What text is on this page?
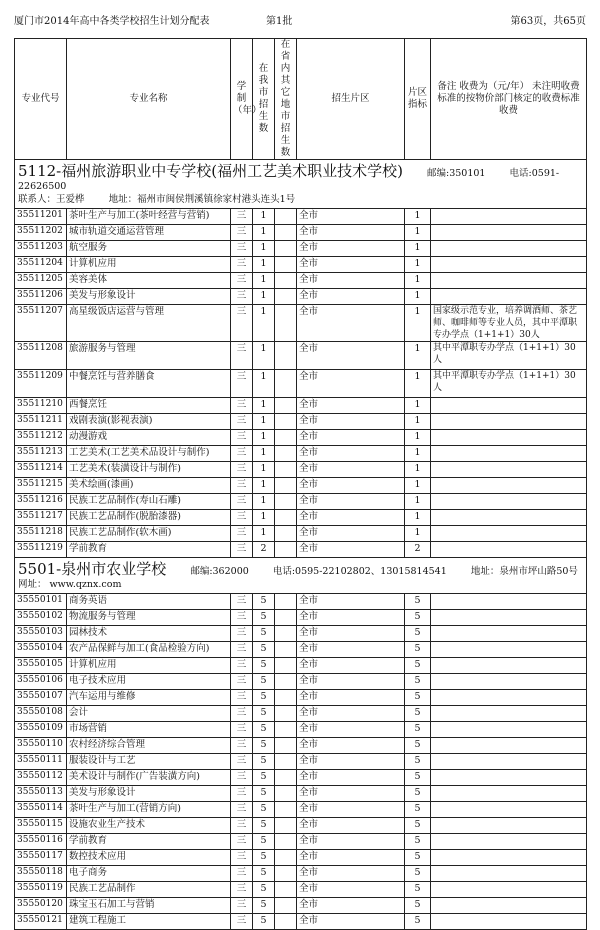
厦门市2014年高中各类学校招生计划分配表	第1批	第63页，共65页
专业代号	专业名称	学制（年）	在我市招生数	在省内其它地市招生数	招生片区	片区指标	备注 收费为（元/年） 未注明收费标准的按物价部门核定的收费标准收费
5112-福州旅游职业中专学校(福州工艺美术职业技术学校) 邮编:350101 电话:0591-22626500
联系人：王爱桦 地址：福州市闽侯荆溪镇徐家村港头连头1号							
35511201	茶叶生产与加工(茶叶经营与营销)	三	1		全市	1	
35511202	城市轨道交通运营管理	三	1		全市	1	
35511203	航空服务	三	1		全市	1	
35511204	计算机应用	三	1		全市	1	
35511205	美容美体	三	1		全市	1	
35511206	美发与形象设计	三	1		全市	1	
35511207	高星级饭店运营与管理	三	1		全市	1	国家级示范专业，培养调酒师、茶艺师、咖啡师等专业人员，其中平潭职专办学点（1+1+1）30人
35511208	旅游服务与管理	三	1		全市	1	其中平潭职专办学点（1+1+1）30人
35511209	中餐烹饪与营养膳食	三	1		全市	1	其中平潭职专办学点（1+1+1）30人
35511210	西餐烹饪	三	1		全市	1	
35511211	戏剧表演(影视表演)	三	1		全市	1	
35511212	动漫游戏	三	1		全市	1	
35511213	工艺美术(工艺美术品设计与制作)	三	1		全市	1	
35511214	工艺美术(装潢设计与制作)	三	1		全市	1	
35511215	美术绘画(漆画)	三	1		全市	1	
35511216	民族工艺品制作(寿山石雕)	三	1		全市	1	
35511217	民族工艺品制作(脱胎漆器)	三	1		全市	1	
35511218	民族工艺品制作(软木画)	三	1		全市	1	
35511219	学前教育	三	2		全市	2	
5501-泉州市农业学校 邮编:362000 电话:0595-22102802、13015814541 地址：泉州市坪山路50号
网址： www.qznx.com							
35550101	商务英语	三	5		全市	5	
35550102	物流服务与管理	三	5		全市	5	
35550103	园林技术	三	5		全市	5	
35550104	农产品保鲜与加工(食品检验方向)	三	5		全市	5	
35550105	计算机应用	三	5		全市	5	
35550106	电子技术应用	三	5		全市	5	
35550107	汽车运用与维修	三	5		全市	5	
35550108	会计	三	5		全市	5	
35550109	市场营销	三	5		全市	5	
35550110	农村经济综合管理	三	5		全市	5	
35550111	服装设计与工艺	三	5		全市	5	
35550112	美术设计与制作(广告装潢方向)	三	5		全市	5	
35550113	美发与形象设计	三	5		全市	5	
35550114	茶叶生产与加工(营销方向)	三	5		全市	5	
35550115	设施农业生产技术	三	5		全市	5	
35550116	学前教育	三	5		全市	5	
35550117	数控技术应用	三	5		全市	5	
35550118	电子商务	三	5		全市	5	
35550119	民族工艺品制作	三	5		全市	5	
35550120	珠宝玉石加工与营销	三	5		全市	5	
35550121	建筑工程施工	三	5		全市	5	
